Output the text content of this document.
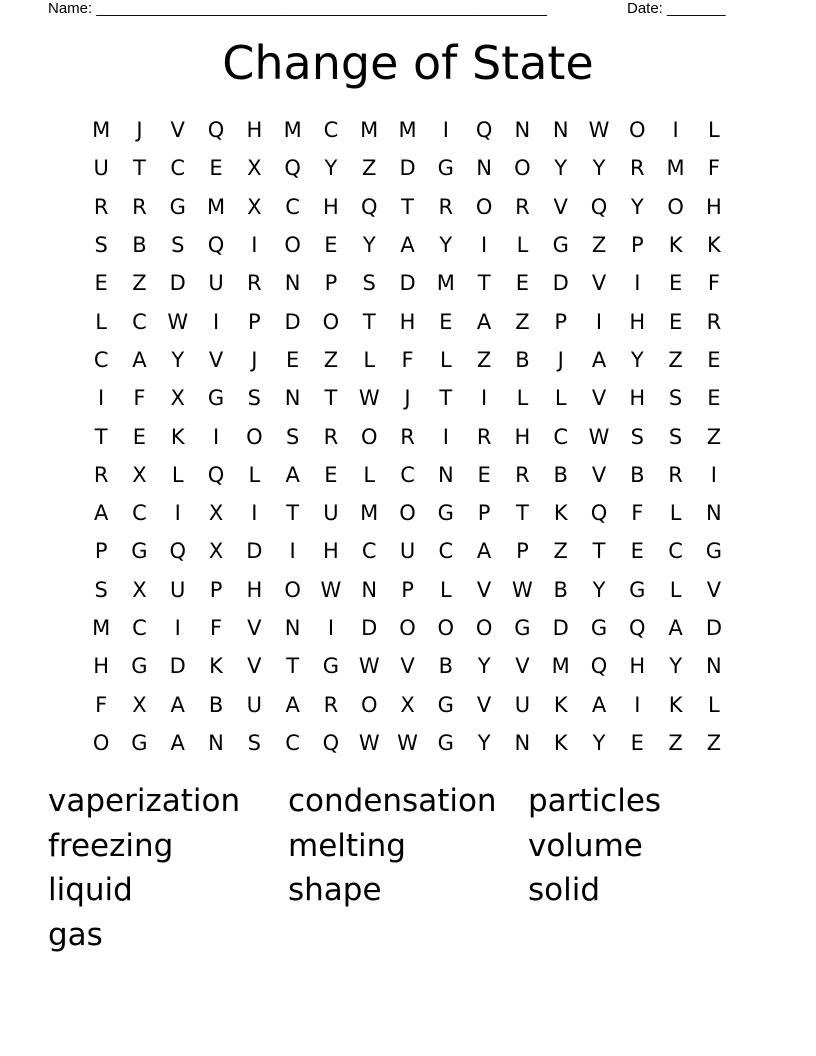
Name: ______________________________________________________	Date: _______
Change of State
M	J	V	Q	H	M	C	M M	I	Q	N	N W O	I	L
U	T	C	E	X	Q	Y	Z	D	G	N	O	Y	Y	R	M	F
R	R	G	M	X	C	H	Q	T	R	O	R	V	Q	Y	O	H
S	B	S	Q	I	O	E	Y	A	Y	I	L	G	Z	P	K	K
E	Z	D	U	R	N	P	S	D	M	T	E	D	V	I	E	F
L	C W	I	P	D	O	T	H	E	A	Z	P	I	H	E	R
C	A	Y	V	J	E	Z	L	F	L	Z	B	J	A	Y	Z	E
I	F	X	G	S	N	T	W	J	T	I	L	L	V	H	S	E
T	E	K	I	O	S	R	O	R	I	R	H	C W	S	S	Z
R	X	L	Q	L	A	E	L	C	N	E	R	B	V	B	R	I
A	C	I	X	I	T	U	M O	G	P	T	K	Q	F	L	N
P	G	Q	X	D	I	H	C	U	C	A	P	Z	T	E	C	G
S	X	U	P	H	O W N	P	L	V W B	Y	G	L	V
M	C	I	F	V	N	I	D	O	O	O	G	D	G	Q	A	D
H	G	D	K	V	T	G W V	B	Y	V	M Q	H	Y	N
F	X	A	B	U	A	R	O	X	G	V	U	K	A	I	K	L
O	G	A	N	S	C	Q W W G	Y	N	K	Y	E	Z	Z
vaperization	condensation	particles
freezing	melting	volume
liquid	shape	solid
gas
